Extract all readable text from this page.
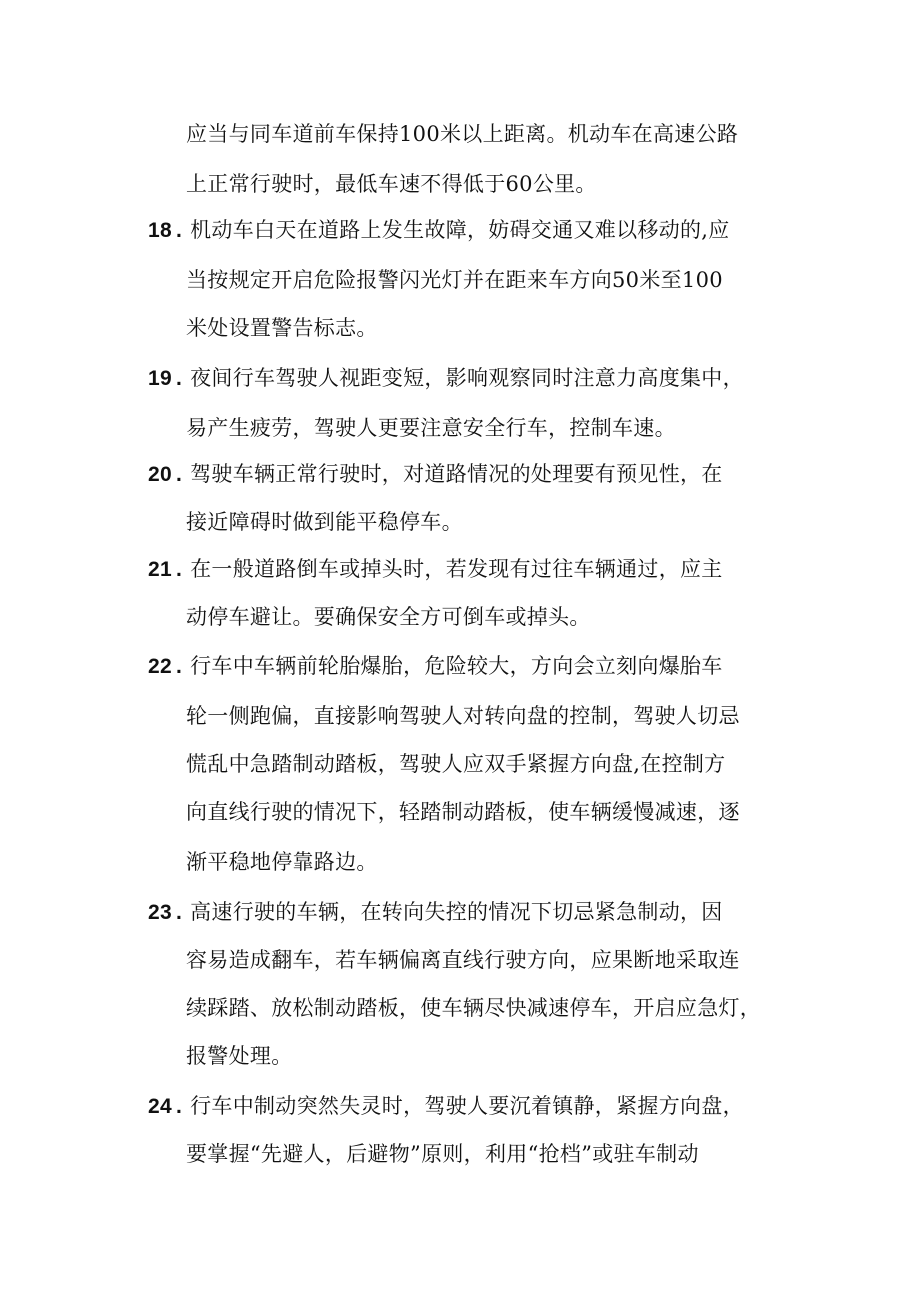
应当与同车道前车保持100米以上距离。机动车在高速公路
上正常行驶时，最低车速不得低于60公里。
18 . 机动车白天在道路上发生故障，妨碍交通又难以移动的,应
当按规定开启危险报警闪光灯并在距来车方向50米至100
米处设置警告标志。
19 . 夜间行车驾驶人视距变短，影响观察同时注意力高度集中，
易产生疲劳，驾驶人更要注意安全行车，控制车速。
20 . 驾驶车辆正常行驶时，对道路情况的处理要有预见性，在
接近障碍时做到能平稳停车。
21 . 在一般道路倒车或掉头时，若发现有过往车辆通过，应主
动停车避让。要确保安全方可倒车或掉头。
22 . 行车中车辆前轮胎爆胎，危险较大，方向会立刻向爆胎车
轮一侧跑偏，直接影响驾驶人对转向盘的控制，驾驶人切忌
慌乱中急踏制动踏板，驾驶人应双手紧握方向盘,在控制方
向直线行驶的情况下，轻踏制动踏板，使车辆缓慢减速，逐
渐平稳地停靠路边。
23 . 高速行驶的车辆，在转向失控的情况下切忌紧急制动，因
容易造成翻车，若车辆偏离直线行驶方向，应果断地采取连
续踩踏、放松制动踏板，使车辆尽快减速停车，开启应急灯，
报警处理。
24 . 行车中制动突然失灵时，驾驶人要沉着镇静，紧握方向盘，
要掌握“先避人，后避物”原则，利用“抢档”或驻车制动
